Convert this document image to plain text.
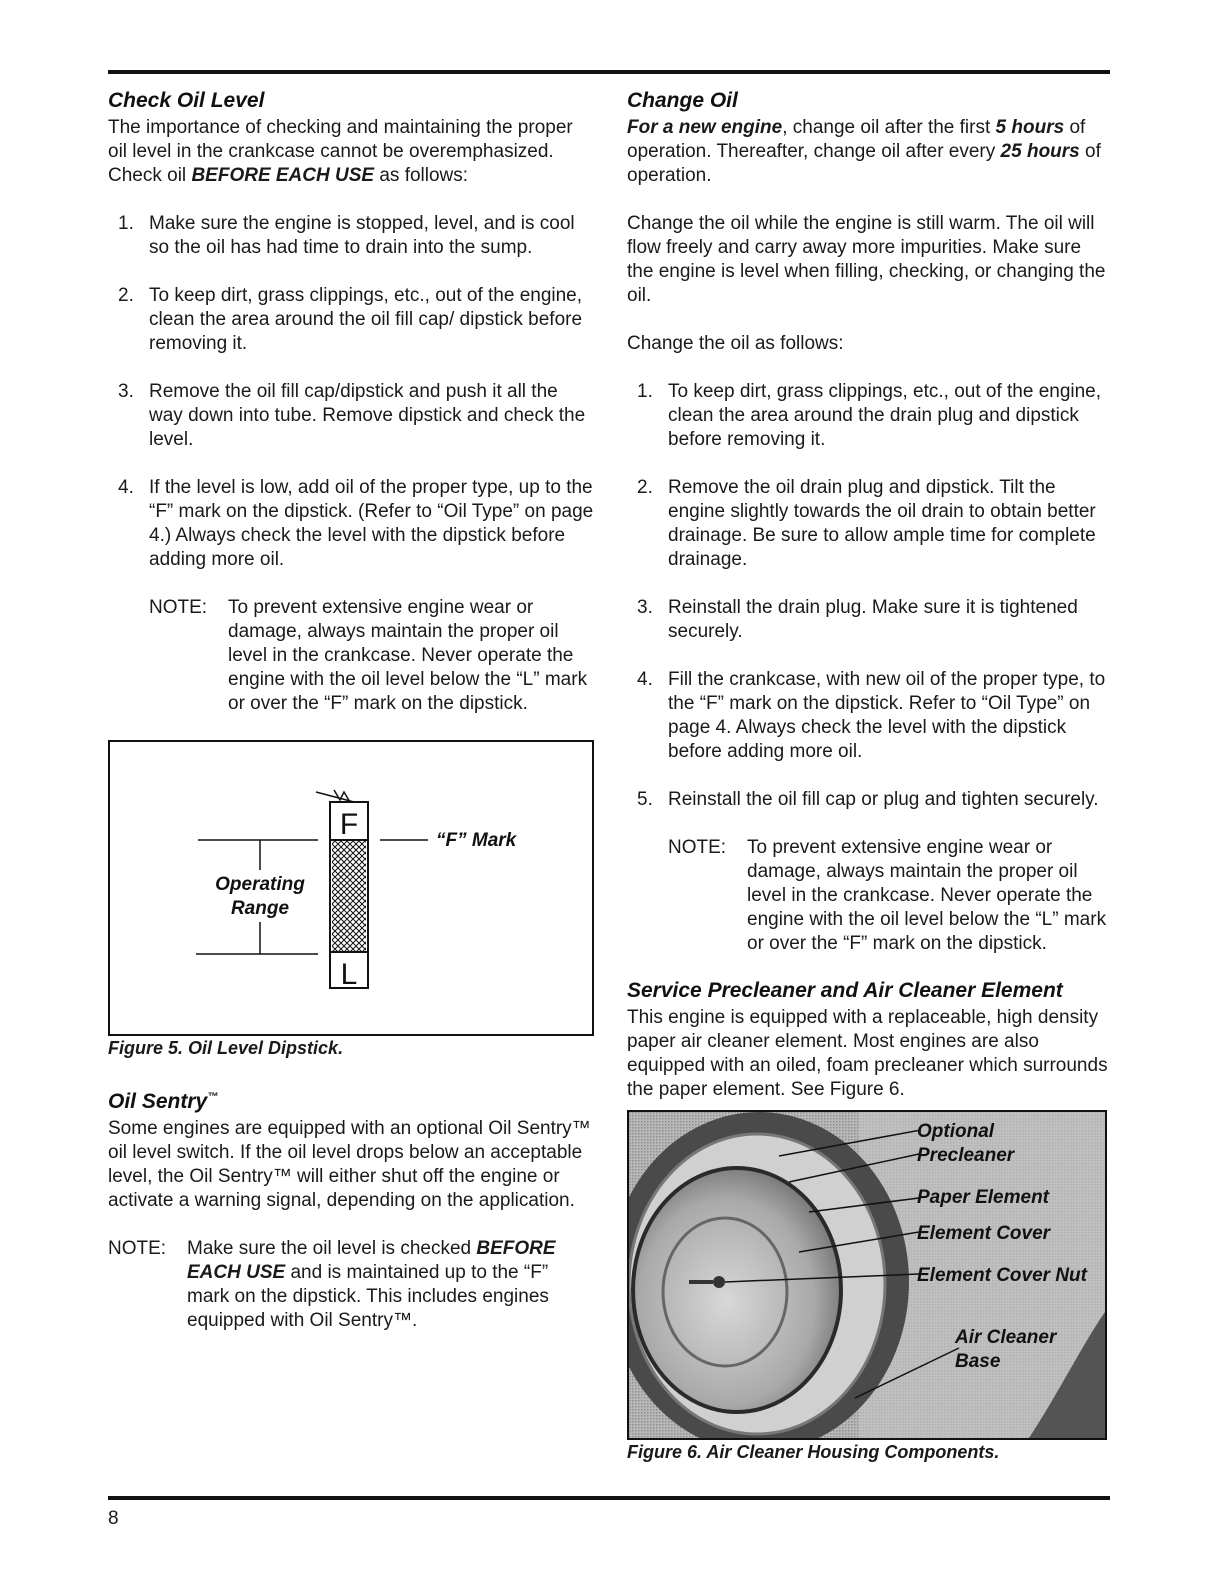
Check Oil Level

The importance of checking and maintaining the proper oil level in the crankcase cannot be overemphasized. Check oil BEFORE EACH USE as follows:

1. Make sure the engine is stopped, level, and is cool so the oil has had time to drain into the sump.
2. To keep dirt, grass clippings, etc., out of the engine, clean the area around the oil fill cap/ dipstick before removing it.
3. Remove the oil fill cap/dipstick and push it all the way down into tube. Remove dipstick and check the level.
4. If the level is low, add oil of the proper type, up to the “F” mark on the dipstick. (Refer to “Oil Type” on page 4.) Always check the level with the dipstick before adding more oil.
NOTE: To prevent extensive engine wear or damage, always maintain the proper oil level in the crankcase. Never operate the engine with the oil level below the “L” mark or over the “F” mark on the dipstick.
F
L
“F” Mark
Operating
Range

Figure 5. Oil Level Dipstick.

Oil Sentry™

Some engines are equipped with an optional Oil Sentry™ oil level switch. If the oil level drops below an acceptable level, the Oil Sentry™ will either shut off the engine or activate a warning signal, depending on the application.

NOTE: Make sure the oil level is checked BEFORE EACH USE and is maintained up to the “F” mark on the dipstick. This includes engines equipped with Oil Sentry™.
Change Oil

For a new engine, change oil after the first 5 hours of operation. Thereafter, change oil after every 25 hours of operation.

Change the oil while the engine is still warm. The oil will flow freely and carry away more impurities. Make sure the engine is level when filling, checking, or changing the oil.

Change the oil as follows:

1. To keep dirt, grass clippings, etc., out of the engine, clean the area around the drain plug and dipstick before removing it.
2. Remove the oil drain plug and dipstick. Tilt the engine slightly towards the oil drain to obtain better drainage. Be sure to allow ample time for complete drainage.
3. Reinstall the drain plug. Make sure it is tightened securely.
4. Fill the crankcase, with new oil of the proper type, to the “F” mark on the dipstick. Refer to “Oil Type” on page 4. Always check the level with the dipstick before adding more oil.
5. Reinstall the oil fill cap or plug and tighten securely.
NOTE: To prevent extensive engine wear or damage, always maintain the proper oil level in the crankcase. Never operate the engine with the oil level below the “L” mark or over the “F” mark on the dipstick.
Service Precleaner and Air Cleaner Element

This engine is equipped with a replaceable, high density paper air cleaner element. Most engines are also equipped with an oiled, foam precleaner which surrounds the paper element. See Figure 6.

Optional
Precleaner
Paper Element
Element Cover
Element Cover Nut
Air Cleaner
Base

Figure 6. Air Cleaner Housing Components.

8
